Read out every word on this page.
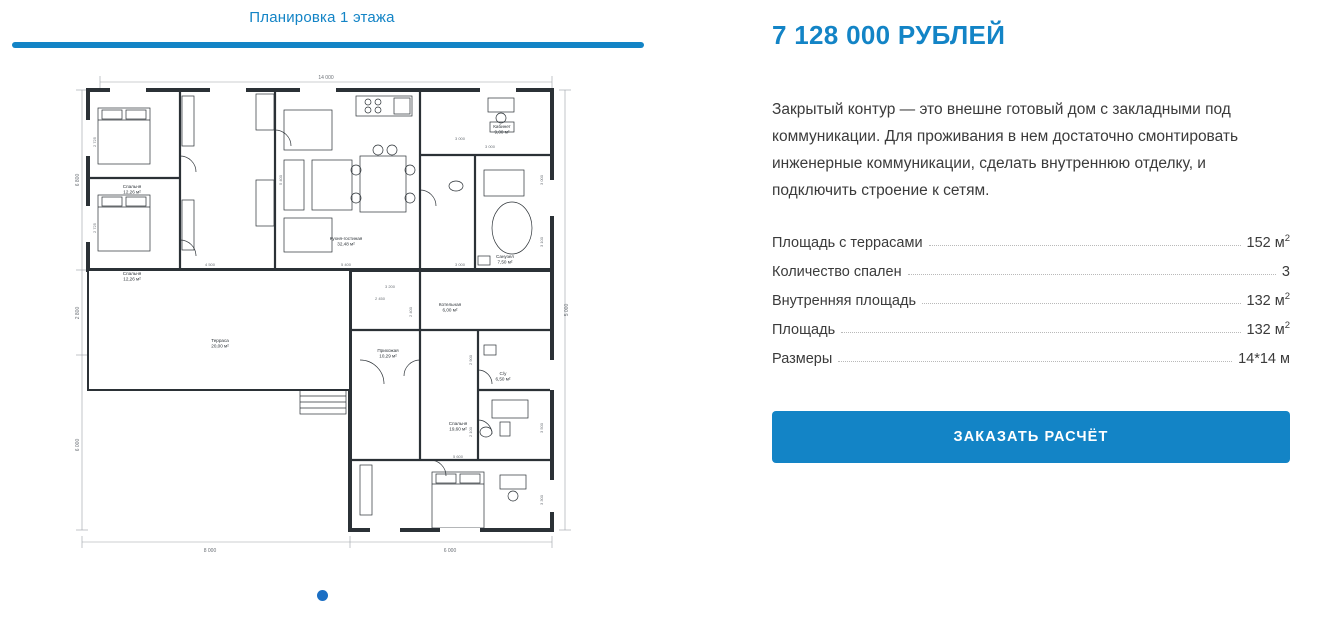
Планировка 1 этажа
14 000
6 800
2 800
6 000
5 000
8 000	6 000
Спальня
12,26 м²
Спальня
12,26 м²
Кухня-гостиная
32,48 м²
Кабинет
9,00 м²
Санузел
7,50 м²
Терраса
20,00 м²
Котельная
6,00 м²
Прихожая
10,29 м²
С/у
6,50 м²
Спальня
19,60 м²
2 725
2 725
5 400
4 500	5 400
3 000
3 000
3 000
3 000
3 100
3 200
2 450
2 400
2 900
2 100
5 600
3 500
3 300
7 128 000 РУБЛЕЙ

Закрытый контур — это внешне готовый дом с закладными под коммуникации. Для проживания в нем достаточно смонтировать инженерные коммуникации, сделать внутреннюю отделку, и подключить строение к сетям.

Площадь с террасами	152 $м^2$
Количество спален	3
Внутренняя площадь	132 $м^2$
Площадь	132 $м^2$
Размеры	14*14 м
ЗАКАЗАТЬ РАСЧЁТ
